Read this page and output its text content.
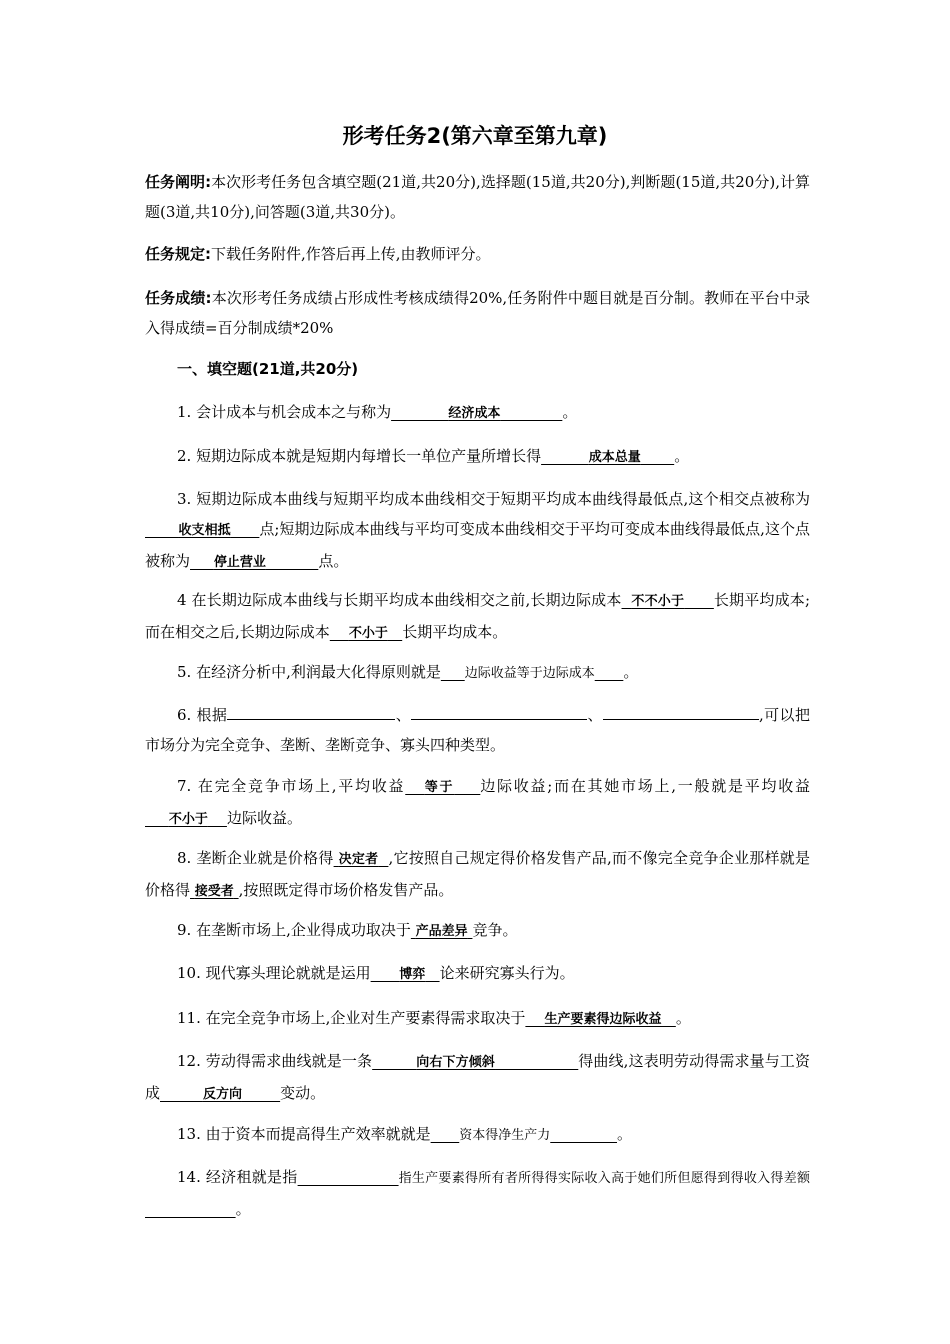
形考任务2(第六章至第九章)
任务阐明:本次形考任务包含填空题(21道,共20分),选择题(15道,共20分),判断题(15道,共20分),计算题(3道,共10分),问答题(3道,共30分)。
任务规定:下载任务附件,作答后再上传,由教师评分。
任务成绩:本次形考任务成绩占形成性考核成绩得20%,任务附件中题目就是百分制。教师在平台中录入得成绩=百分制成绩*20%
一、填空题(21道,共20分)
1. 会计成本与机会成本之与称为	经济成本	。
2. 短期边际成本就是短期内每增长一单位产量所增长得	成本总量 。
3. 短期边际成本曲线与短期平均成本曲线相交于短期平均成本曲线得最低点,这个相交点被称为       收支相抵 点;短期边际成本曲线与平均可变成本曲线相交于平均可变成本曲线得最低点,这个点被称为 停止营业	点。
4 在长期边际成本曲线与长期平均成本曲线相交之前,长期边际成本 不不小于 长期平均成本;而在相交之后,长期边际成本 不小于 长期平均成本。
5. 在经济分析中,利润最大化得原则就是 边际收益等于边际成本 。
6. 根据	、	、	,可以把市场分为完全竞争、垄断、垄断竞争、寡头四种类型。
7. 在完全竞争市场上,平均收益 等于 边际收益;而在其她市场上,一般就是平均收益     不小于 边际收益。
8. 垄断企业就是价格得 决定者 ,它按照自己规定得价格发售产品,而不像完全竞争企业那样就是价格得 接受者 ,按照既定得市场价格发售产品。
9. 在垄断市场上,企业得成功取决于 产品差异 竞争。
10. 现代寡头理论就就是运用 博弈 论来研究寡头行为。
11. 在完全竞争市场上,企业对生产要素得需求取决于 生产要素得边际收益 。
12. 劳动得需求曲线就是一条	向右下方倾斜	得曲线,这表明劳动得需求量与工资成	反方向	变动。
13. 由于资本而提高得生产效率就就是 资本得净生产力	。
14. 经济租就是指	指生产要素得所有者所得得实际收入高于她们所但愿得到得收入得差额                   。
